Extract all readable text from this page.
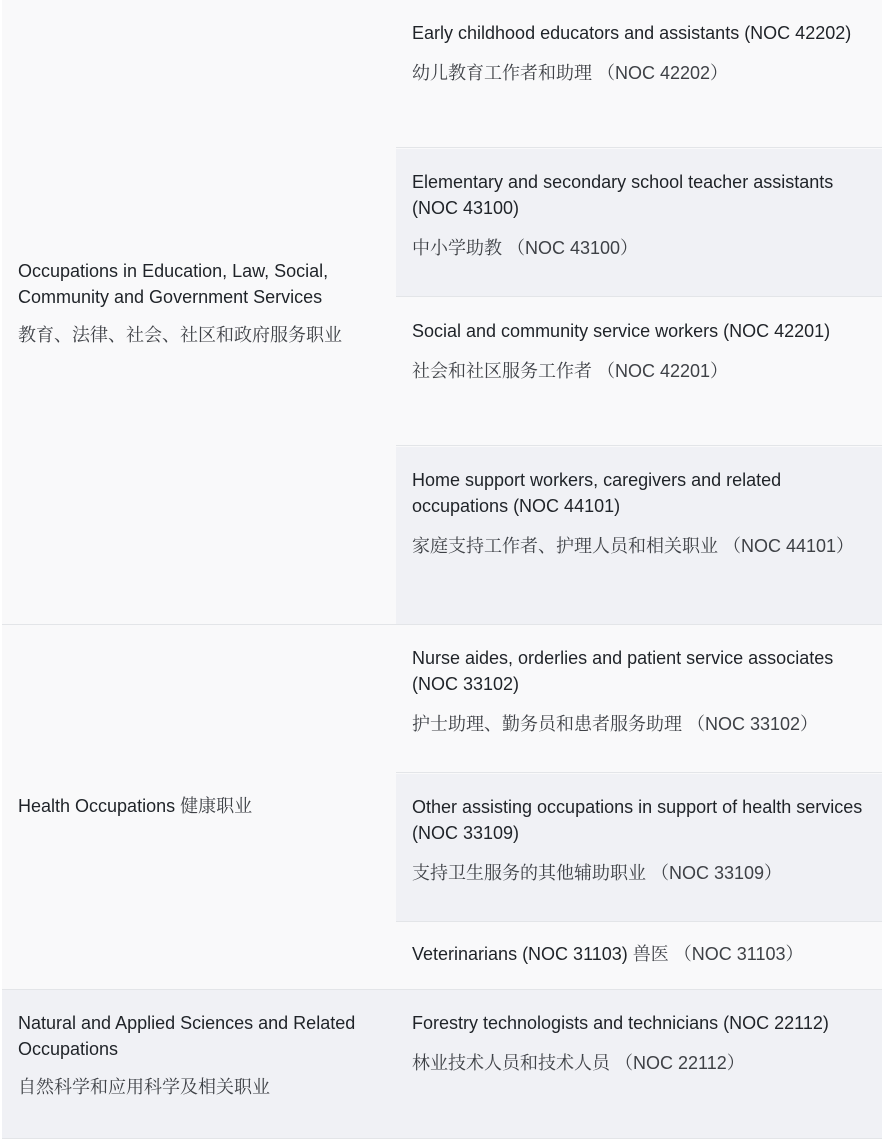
Occupations in Education, Law, Social, Community and Government Services
教育、法律、社会、社区和政府服务职业
Early childhood educators and assistants (NOC 42202)
幼儿教育工作者和助理 （NOC 42202）
Elementary and secondary school teacher assistants (NOC 43100)
中小学助教 （NOC 43100）
Social and community service workers (NOC 42201)
社会和社区服务工作者 （NOC 42201）
Home support workers, caregivers and related occupations (NOC 44101)
家庭支持工作者、护理人员和相关职业 （NOC 44101）
Health Occupations 健康职业
Nurse aides, orderlies and patient service associates (NOC 33102)
护士助理、勤务员和患者服务助理 （NOC 33102）
Other assisting occupations in support of health services (NOC 33109)
支持卫生服务的其他辅助职业 （NOC 33109）
Veterinarians (NOC 31103) 兽医 （NOC 31103）
Natural and Applied Sciences and Related Occupations
自然科学和应用科学及相关职业
Forestry technologists and technicians (NOC 22112)
林业技术人员和技术人员 （NOC 22112）
